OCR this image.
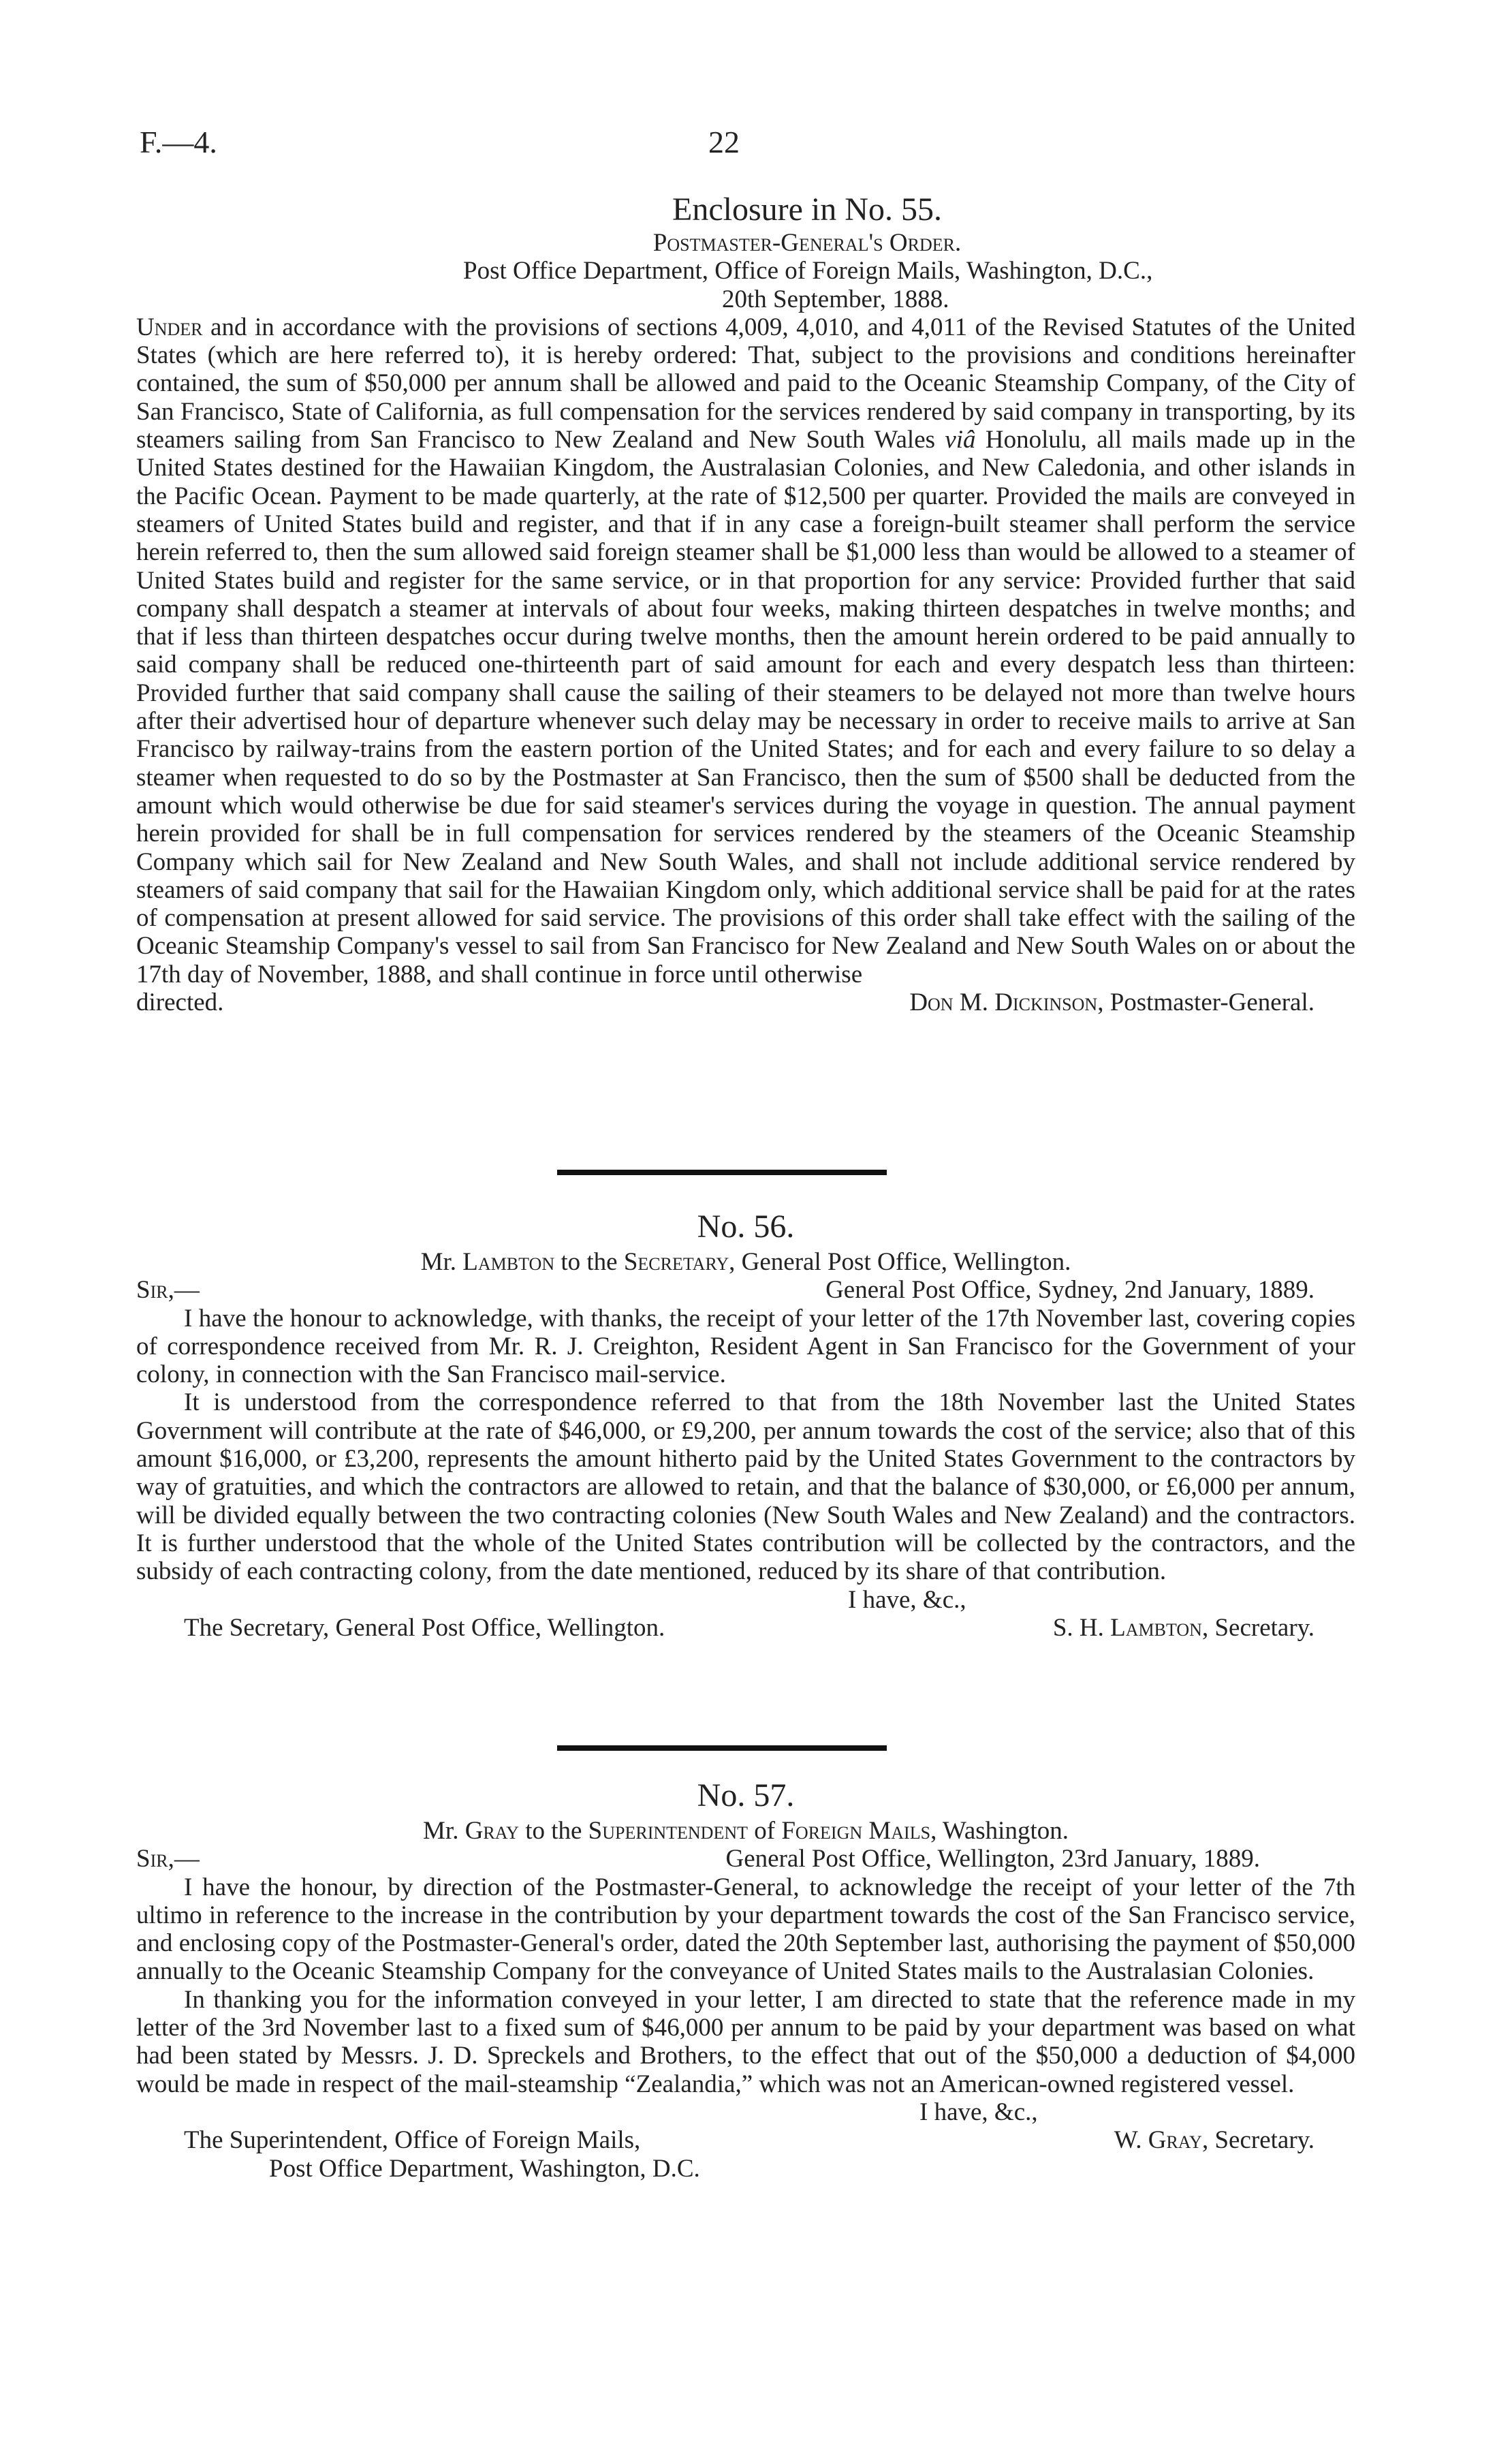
F.—4.	22
Enclosure in No. 55.
Postmaster-General's Order.
Post Office Department, Office of Foreign Mails, Washington, D.C.,
20th September, 1888.

Under and in accordance with the provisions of sections 4,009, 4,010, and 4,011 of the Revised Statutes of the United States (which are here referred to), it is hereby ordered: That, subject to the provisions and conditions hereinafter contained, the sum of $50,000 per annum shall be allowed and paid to the Oceanic Steamship Company, of the City of San Francisco, State of California, as full compensation for the services rendered by said company in transporting, by its steamers sailing from San Francisco to New Zealand and New South Wales viâ Honolulu, all mails made up in the United States destined for the Hawaiian Kingdom, the Australasian Colonies, and New Caledonia, and other islands in the Pacific Ocean. Payment to be made quarterly, at the rate of $12,500 per quarter. Provided the mails are conveyed in steamers of United States build and register, and that if in any case a foreign-built steamer shall perform the service herein referred to, then the sum allowed said foreign steamer shall be $1,000 less than would be allowed to a steamer of United States build and register for the same service, or in that proportion for any service: Provided further that said company shall despatch a steamer at intervals of about four weeks, making thirteen despatches in twelve months; and that if less than thirteen despatches occur during twelve months, then the amount herein ordered to be paid annually to said company shall be reduced one-thirteenth part of said amount for each and every despatch less than thirteen: Provided further that said company shall cause the sailing of their steamers to be delayed not more than twelve hours after their advertised hour of departure whenever such delay may be necessary in order to receive mails to arrive at San Francisco by railway-trains from the eastern portion of the United States; and for each and every failure to so delay a steamer when requested to do so by the Postmaster at San Francisco, then the sum of $500 shall be deducted from the amount which would otherwise be due for said steamer's services during the voyage in question. The annual payment herein provided for shall be in full compensation for services rendered by the steamers of the Oceanic Steamship Company which sail for New Zealand and New South Wales, and shall not include additional service rendered by steamers of said company that sail for the Hawaiian Kingdom only, which additional service shall be paid for at the rates of compensation at present allowed for said service. The provisions of this order shall take effect with the sailing of the Oceanic Steamship Company's vessel to sail from San Francisco for New Zealand and New South Wales on or about the 17th day of November, 1888, and shall continue in force until otherwise

directed.	Don M. Dickinson, Postmaster-General.
No. 56.
Mr. Lambton to the Secretary, General Post Office, Wellington.
Sir,—	General Post Office, Sydney, 2nd January, 1889.

I have the honour to acknowledge, with thanks, the receipt of your letter of the 17th November last, covering copies of correspondence received from Mr. R. J. Creighton, Resident Agent in San Francisco for the Government of your colony, in connection with the San Francisco mail-service.

It is understood from the correspondence referred to that from the 18th November last the United States Government will contribute at the rate of $46,000, or £9,200, per annum towards the cost of the service; also that of this amount $16,000, or £3,200, represents the amount hitherto paid by the United States Government to the contractors by way of gratuities, and which the contractors are allowed to retain, and that the balance of $30,000, or £6,000 per annum, will be divided equally between the two contracting colonies (New South Wales and New Zealand) and the contractors. It is further understood that the whole of the United States contribution will be collected by the contractors, and the subsidy of each contracting colony, from the date mentioned, reduced by its share of that contribution.

I have, &c.,
The Secretary, General Post Office, Wellington.	S. H. Lambton, Secretary.
No. 57.
Mr. Gray to the Superintendent of Foreign Mails, Washington.
Sir,—	General Post Office, Wellington, 23rd January, 1889.

I have the honour, by direction of the Postmaster-General, to acknowledge the receipt of your letter of the 7th ultimo in reference to the increase in the contribution by your department towards the cost of the San Francisco service, and enclosing copy of the Postmaster-General's order, dated the 20th September last, authorising the payment of $50,000 annually to the Oceanic Steamship Company for the conveyance of United States mails to the Australasian Colonies.

In thanking you for the information conveyed in your letter, I am directed to state that the reference made in my letter of the 3rd November last to a fixed sum of $46,000 per annum to be paid by your department was based on what had been stated by Messrs. J. D. Spreckels and Brothers, to the effect that out of the $50,000 a deduction of $4,000 would be made in respect of the mail-steamship “Zealandia,” which was not an American-owned registered vessel.

I have, &c.,
The Superintendent, Office of Foreign Mails,	W. Gray, Secretary.
Post Office Department, Washington, D.C.
